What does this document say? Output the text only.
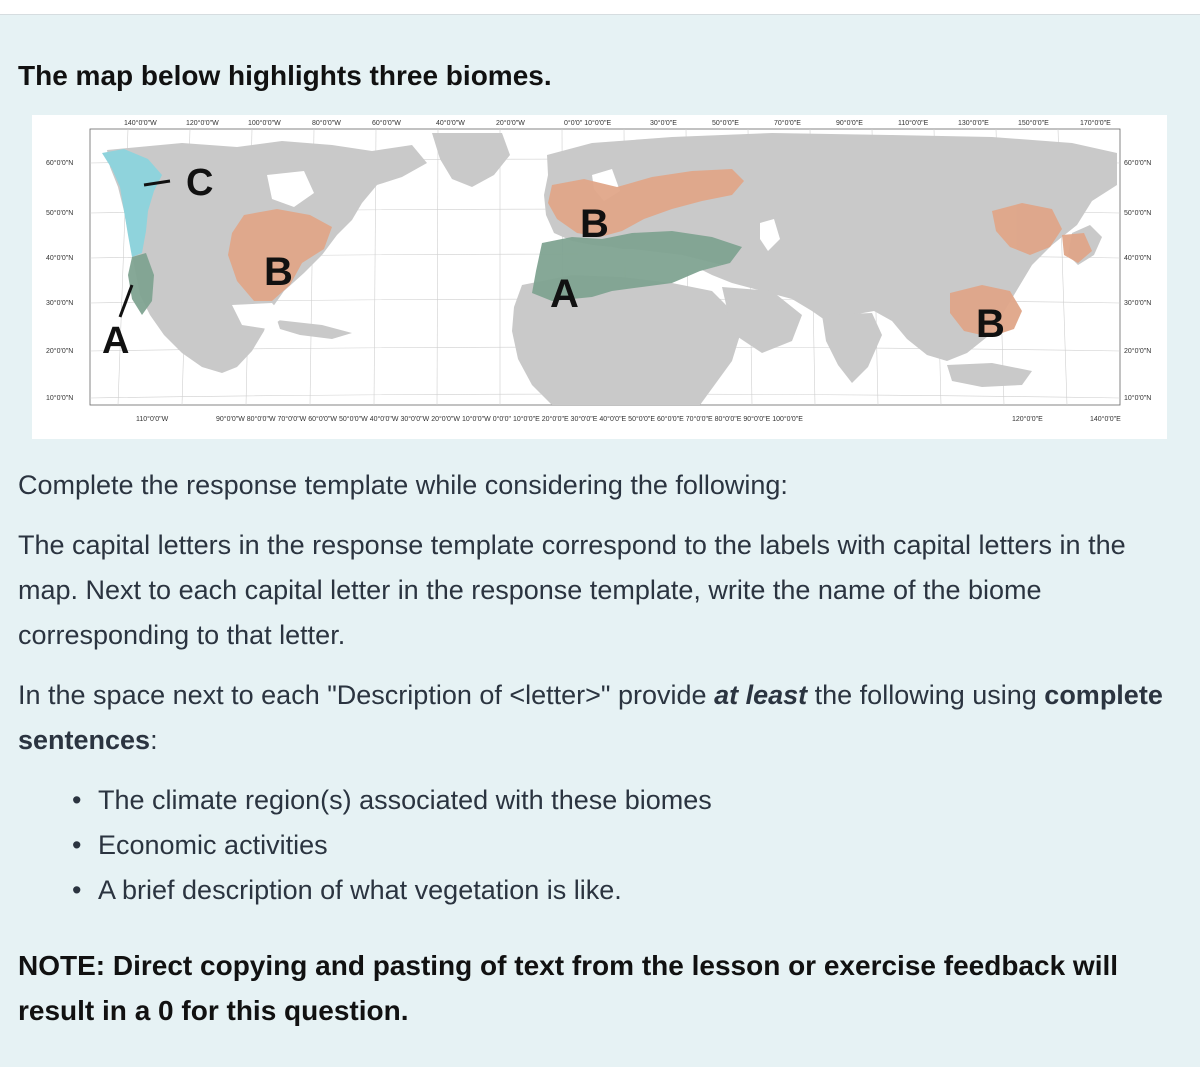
The map below highlights three biomes.
C
B
A
B
A
B
140°0'0"W	120°0'0"W	100°0'0"W	80°0'0"W	60°0'0"W	40°0'0"W	20°0'0"W	0°0'0" 10°0'0"E	30°0'0"E	50°0'0"E	70°0'0"E	90°0'0"E	110°0'0"E	130°0'0"E	150°0'0"E	170°0'0"E
60°0'0"N
50°0'0"N
40°0'0"N
30°0'0"N
20°0'0"N
10°0'0"N
60°0'0"N
50°0'0"N
40°0'0"N
30°0'0"N
20°0'0"N
10°0'0"N
110°0'0"W	90°0'0"W 80°0'0"W 70°0'0"W 60°0'0"W 50°0'0"W 40°0'0"W 30°0'0"W 20°0'0"W 10°0'0"W 0°0'0" 10°0'0"E 20°0'0"E 30°0'0"E 40°0'0"E 50°0'0"E 60°0'0"E 70°0'0"E 80°0'0"E 90°0'0"E 100°0'0"E	120°0'0"E	140°0'0"E

Complete the response template while considering the following:

The capital letters in the response template correspond to the labels with capital letters in the map. Next to each capital letter in the response template, write the name of the biome corresponding to that letter.

In the space next to each "Description of <letter>" provide at least the following using complete sentences:

• The climate region(s) associated with these biomes
• Economic activities
• A brief description of what vegetation is like.

NOTE: Direct copying and pasting of text from the lesson or exercise feedback will result in a 0 for this question.
